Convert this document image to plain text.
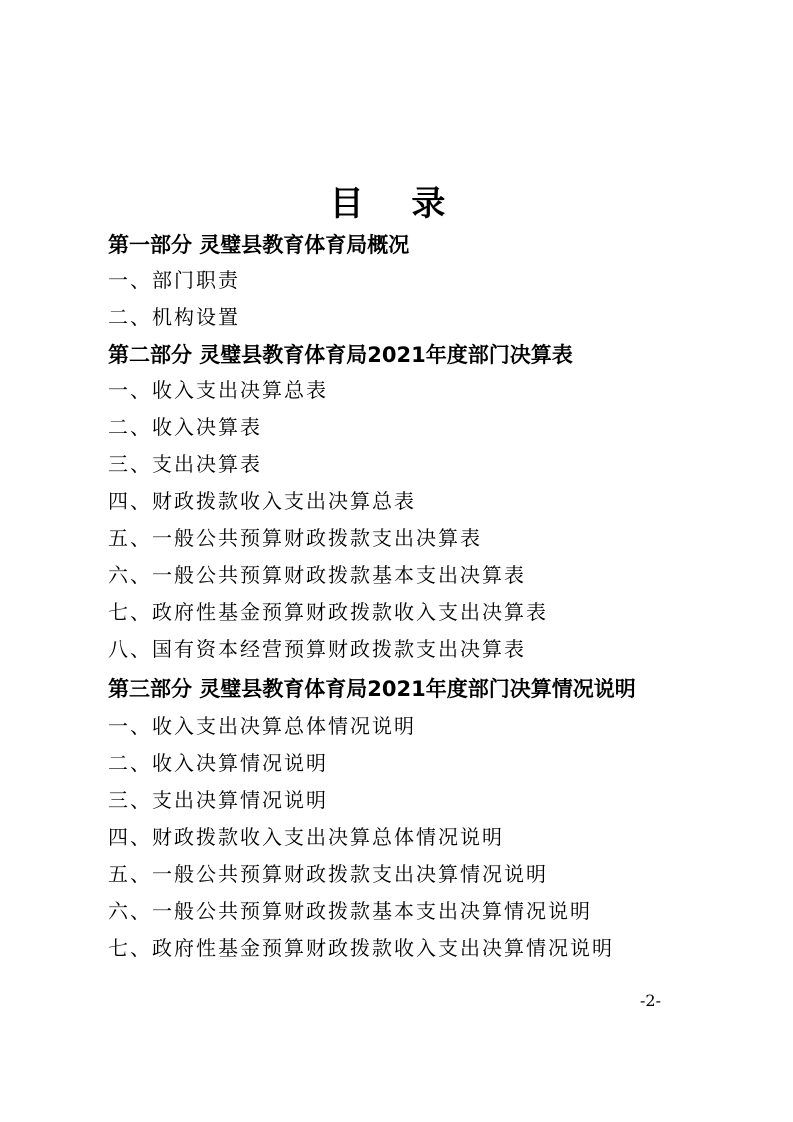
目 录
第一部分 灵璧县教育体育局概况
一、部门职责
二、机构设置
第二部分 灵璧县教育体育局2021年度部门决算表
一、收入支出决算总表
二、收入决算表
三、支出决算表
四、财政拨款收入支出决算总表
五、一般公共预算财政拨款支出决算表
六、一般公共预算财政拨款基本支出决算表
七、政府性基金预算财政拨款收入支出决算表
八、国有资本经营预算财政拨款支出决算表
第三部分 灵璧县教育体育局2021年度部门决算情况说明
一、收入支出决算总体情况说明
二、收入决算情况说明
三、支出决算情况说明
四、财政拨款收入支出决算总体情况说明
五、一般公共预算财政拨款支出决算情况说明
六、一般公共预算财政拨款基本支出决算情况说明
七、政府性基金预算财政拨款收入支出决算情况说明
-2-
